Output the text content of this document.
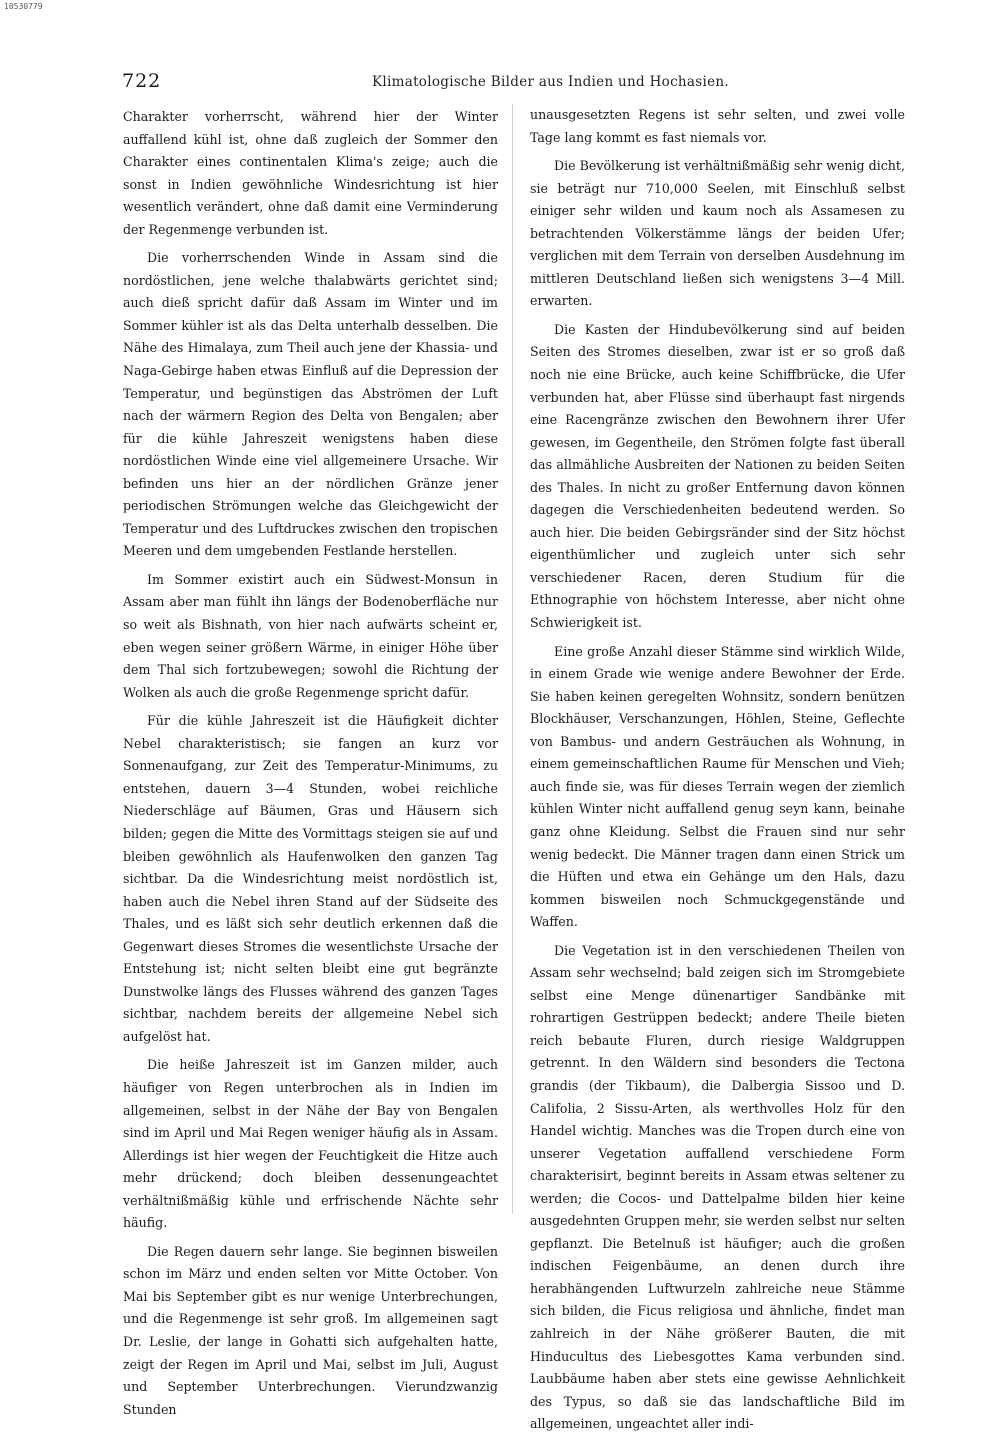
10530779
722	Klimatologische Bilder aus Indien und Hochasien.

Charakter vorherrscht, während hier der Winter auffallend kühl ist, ohne daß zugleich der Sommer den Charakter eines continentalen Klima's zeige; auch die sonst in Indien gewöhnliche Windesrichtung ist hier wesentlich verändert, ohne daß damit eine Verminderung der Regenmenge verbunden ist.

Die vorherrschenden Winde in Assam sind die nordöstlichen, jene welche thalabwärts gerichtet sind; auch dieß spricht dafür daß Assam im Winter und im Sommer kühler ist als das Delta unterhalb desselben. Die Nähe des Himalaya, zum Theil auch jene der Khassia- und Naga-Gebirge haben etwas Einfluß auf die Depression der Temperatur, und begünstigen das Abströmen der Luft nach der wärmern Region des Delta von Bengalen; aber für die kühle Jahreszeit wenigstens haben diese nordöstlichen Winde eine viel allgemeinere Ursache. Wir befinden uns hier an der nördlichen Gränze jener periodischen Strömungen welche das Gleichgewicht der Temperatur und des Luftdruckes zwischen den tropischen Meeren und dem umgebenden Festlande herstellen.

Im Sommer existirt auch ein Südwest-Monsun in Assam aber man fühlt ihn längs der Bodenoberfläche nur so weit als Bishnath, von hier nach aufwärts scheint er, eben wegen seiner größern Wärme, in einiger Höhe über dem Thal sich fortzubewegen; sowohl die Richtung der Wolken als auch die große Regenmenge spricht dafür.

Für die kühle Jahreszeit ist die Häufigkeit dichter Nebel charakteristisch; sie fangen an kurz vor Sonnenaufgang, zur Zeit des Temperatur-Minimums, zu entstehen, dauern 3—4 Stunden, wobei reichliche Niederschläge auf Bäumen, Gras und Häusern sich bilden; gegen die Mitte des Vormittags steigen sie auf und bleiben gewöhnlich als Haufenwolken den ganzen Tag sichtbar. Da die Windesrichtung meist nordöstlich ist, haben auch die Nebel ihren Stand auf der Südseite des Thales, und es läßt sich sehr deutlich erkennen daß die Gegenwart dieses Stromes die wesentlichste Ursache der Entstehung ist; nicht selten bleibt eine gut begränzte Dunstwolke längs des Flusses während des ganzen Tages sichtbar, nachdem bereits der allgemeine Nebel sich aufgelöst hat.

Die heiße Jahreszeit ist im Ganzen milder, auch häufiger von Regen unterbrochen als in Indien im allgemeinen, selbst in der Nähe der Bay von Bengalen sind im April und Mai Regen weniger häufig als in Assam. Allerdings ist hier wegen der Feuchtigkeit die Hitze auch mehr drückend; doch bleiben dessenungeachtet verhältnißmäßig kühle und erfrischende Nächte sehr häufig.

Die Regen dauern sehr lange. Sie beginnen bisweilen schon im März und enden selten vor Mitte October. Von Mai bis September gibt es nur wenige Unterbrechungen, und die Regenmenge ist sehr groß. Im allgemeinen sagt Dr. Leslie, der lange in Gohatti sich aufgehalten hatte, zeigt der Regen im April und Mai, selbst im Juli, August und September Unterbrechungen. Vierundzwanzig Stunden

unausgesetzten Regens ist sehr selten, und zwei volle Tage lang kommt es fast niemals vor.

Die Bevölkerung ist verhältnißmäßig sehr wenig dicht, sie beträgt nur 710,000 Seelen, mit Einschluß selbst einiger sehr wilden und kaum noch als Assamesen zu betrachtenden Völkerstämme längs der beiden Ufer; verglichen mit dem Terrain von derselben Ausdehnung im mittleren Deutschland ließen sich wenigstens 3—4 Mill. erwarten.

Die Kasten der Hindubevölkerung sind auf beiden Seiten des Stromes dieselben, zwar ist er so groß daß noch nie eine Brücke, auch keine Schiffbrücke, die Ufer verbunden hat, aber Flüsse sind überhaupt fast nirgends eine Racengränze zwischen den Bewohnern ihrer Ufer gewesen, im Gegentheile, den Strömen folgte fast überall das allmähliche Ausbreiten der Nationen zu beiden Seiten des Thales. In nicht zu großer Entfernung davon können dagegen die Verschiedenheiten bedeutend werden. So auch hier. Die beiden Gebirgsränder sind der Sitz höchst eigenthümlicher und zugleich unter sich sehr verschiedener Racen, deren Studium für die Ethnographie von höchstem Interesse, aber nicht ohne Schwierigkeit ist.

Eine große Anzahl dieser Stämme sind wirklich Wilde, in einem Grade wie wenige andere Bewohner der Erde. Sie haben keinen geregelten Wohnsitz, sondern benützen Blockhäuser, Verschanzungen, Höhlen, Steine, Geflechte von Bambus- und andern Gesträuchen als Wohnung, in einem gemeinschaftlichen Raume für Menschen und Vieh; auch finde sie, was für dieses Terrain wegen der ziemlich kühlen Winter nicht auffallend genug seyn kann, beinahe ganz ohne Kleidung. Selbst die Frauen sind nur sehr wenig bedeckt. Die Männer tragen dann einen Strick um die Hüften und etwa ein Gehänge um den Hals, dazu kommen bisweilen noch Schmuckgegenstände und Waffen.

Die Vegetation ist in den verschiedenen Theilen von Assam sehr wechselnd; bald zeigen sich im Stromgebiete selbst eine Menge dünenartiger Sandbänke mit rohrartigen Gestrüppen bedeckt; andere Theile bieten reich bebaute Fluren, durch riesige Waldgruppen getrennt. In den Wäldern sind besonders die Tectona grandis (der Tikbaum), die Dalbergia Sissoo und D. Califolia, 2 Sissu-Arten, als werthvolles Holz für den Handel wichtig. Manches was die Tropen durch eine von unserer Vegetation auffallend verschiedene Form charakterisirt, beginnt bereits in Assam etwas seltener zu werden; die Cocos- und Dattelpalme bilden hier keine ausgedehnten Gruppen mehr, sie werden selbst nur selten gepflanzt. Die Betelnuß ist häufiger; auch die großen indischen Feigenbäume, an denen durch ihre herabhängenden Luftwurzeln zahlreiche neue Stämme sich bilden, die Ficus religiosa und ähnliche, findet man zahlreich in der Nähe größerer Bauten, die mit Hinducultus des Liebesgottes Kama verbunden sind. Laubbäume haben aber stets eine gewisse Aehnlichkeit des Typus, so daß sie das landschaftliche Bild im allgemeinen, ungeachtet aller indi-
